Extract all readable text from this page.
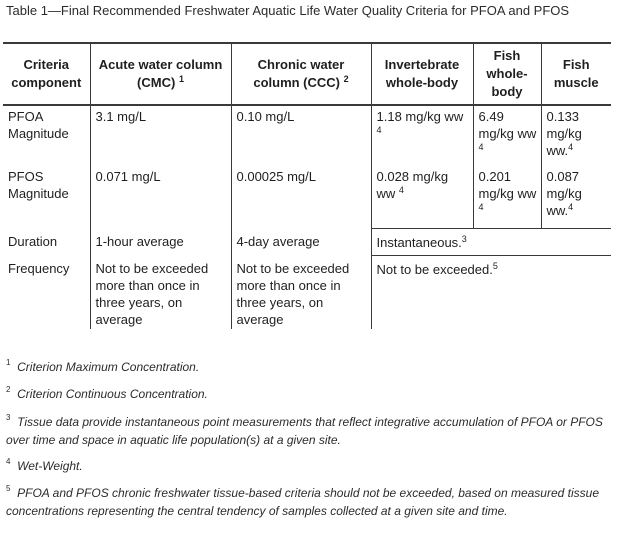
Table 1—Final Recommended Freshwater Aquatic Life Water Quality Criteria for PFOA and PFOS
Criteria component	Acute water column (CMC) $^1$	Chronic water column (CCC) $^2$	Invertebrate whole-body	Fish whole-body	Fish muscle
PFOA Magnitude	3.1 mg/L	0.10 mg/L	1.18 mg/kg ww $^4$	6.49 mg/kg ww $^4$	0.133 mg/kg ww.$^4$
PFOS Magnitude	0.071 mg/L	0.00025 mg/L	0.028 mg/kg ww $^4$	0.201 mg/kg ww $^4$	0.087 mg/kg ww.$^4$
Duration	1-hour average	4-day average	Instantaneous.$^3$
Frequency	Not to be exceeded more than once in three years, on average	Not to be exceeded more than once in three years, on average	Not to be exceeded.$^5$
$^1$ Criterion Maximum Concentration.
$^2$ Criterion Continuous Concentration.
$^3$ Tissue data provide instantaneous point measurements that reflect integrative accumulation of PFOA or PFOS over time and space in aquatic life population(s) at a given site.
$^4$ Wet-Weight.
$^5$ PFOA and PFOS chronic freshwater tissue-based criteria should not be exceeded, based on measured tissue concentrations representing the central tendency of samples collected at a given site and time.
